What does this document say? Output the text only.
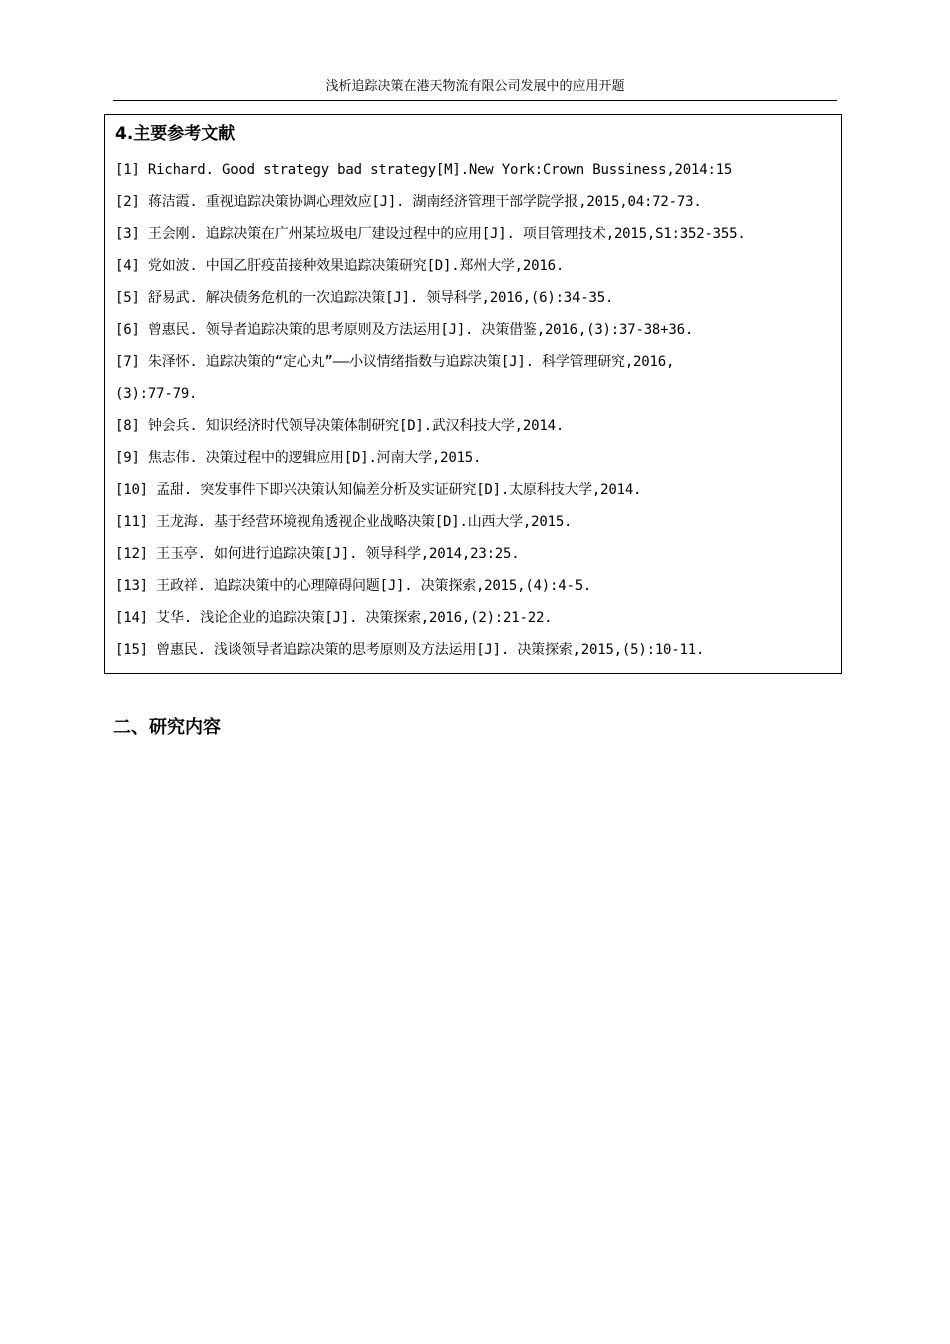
浅析追踪决策在港天物流有限公司发展中的应用开题
4.主要参考文献
[1] Richard. Good strategy bad strategy[M].New York:Crown Bussiness,2014:15
[2] 蒋洁霞. 重视追踪决策协调心理效应[J]. 湖南经济管理干部学院学报,2015,04:72-73.
[3] 王会刚. 追踪决策在广州某垃圾电厂建设过程中的应用[J]. 项目管理技术,2015,S1:352-355.
[4] 党如波. 中国乙肝疫苗接种效果追踪决策研究[D].郑州大学,2016.
[5] 舒易武. 解决债务危机的一次追踪决策[J]. 领导科学,2016,(6):34-35.
[6] 曾惠民. 领导者追踪决策的思考原则及方法运用[J]. 决策借鉴,2016,(3):37-38+36.
[7] 朱泽怀. 追踪决策的“定心丸”——小议情绪指数与追踪决策[J]. 科学管理研究,2016,
(3):77-79.
[8] 钟会兵. 知识经济时代领导决策体制研究[D].武汉科技大学,2014.
[9] 焦志伟. 决策过程中的逻辑应用[D].河南大学,2015.
[10] 孟甜. 突发事件下即兴决策认知偏差分析及实证研究[D].太原科技大学,2014.
[11] 王龙海. 基于经营环境视角透视企业战略决策[D].山西大学,2015.
[12] 王玉亭. 如何进行追踪决策[J]. 领导科学,2014,23:25.
[13] 王政祥. 追踪决策中的心理障碍问题[J]. 决策探索,2015,(4):4-5.
[14] 艾华. 浅论企业的追踪决策[J]. 决策探索,2016,(2):21-22.
[15] 曾惠民. 浅谈领导者追踪决策的思考原则及方法运用[J]. 决策探索,2015,(5):10-11.
二、研究内容
